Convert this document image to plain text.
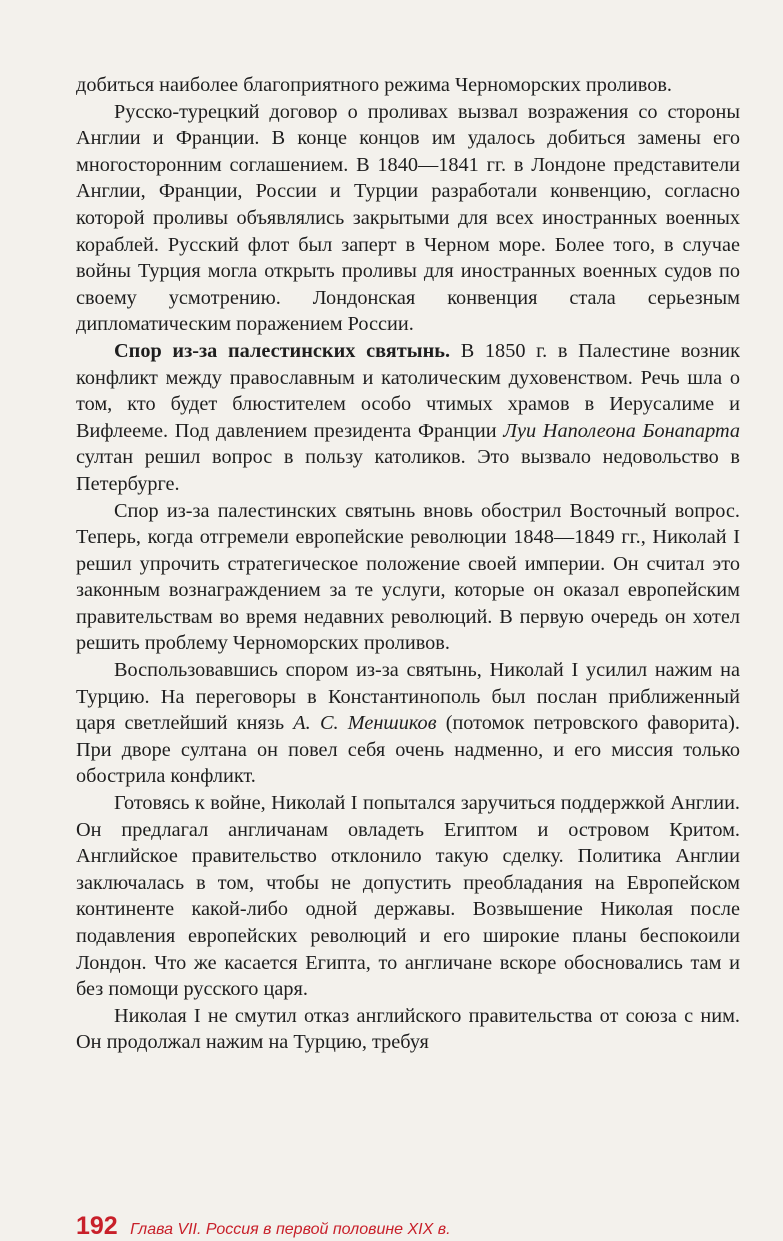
добиться наиболее благоприятного режима Черноморских проливов.

Русско-турецкий договор о проливах вызвал возражения со стороны Англии и Франции. В конце концов им удалось добиться замены его многосторонним соглашением. В 1840—1841 гг. в Лондоне представители Англии, Франции, России и Турции разработали конвенцию, согласно которой проливы объявлялись закрытыми для всех иностранных военных кораблей. Русский флот был заперт в Черном море. Более того, в случае войны Турция могла открыть проливы для иностранных военных судов по своему усмотрению. Лондонская конвенция стала серьезным дипломатическим поражением России.

Спор из-за палестинских святынь. В 1850 г. в Палестине возник конфликт между православным и католическим духовенством. Речь шла о том, кто будет блюстителем особо чтимых храмов в Иерусалиме и Вифлееме. Под давлением президента Франции Луи Наполеона Бонапарта султан решил вопрос в пользу католиков. Это вызвало недовольство в Петербурге.

Спор из-за палестинских святынь вновь обострил Восточный вопрос. Теперь, когда отгремели европейские революции 1848—1849 гг., Николай I решил упрочить стратегическое положение своей империи. Он считал это законным вознаграждением за те услуги, которые он оказал европейским правительствам во время недавних революций. В первую очередь он хотел решить проблему Черноморских проливов.

Воспользовавшись спором из-за святынь, Николай I усилил нажим на Турцию. На переговоры в Константинополь был послан приближенный царя светлейший князь А. С. Меншиков (потомок петровского фаворита). При дворе султана он повел себя очень надменно, и его миссия только обострила конфликт.

Готовясь к войне, Николай I попытался заручиться поддержкой Англии. Он предлагал англичанам овладеть Египтом и островом Критом. Английское правительство отклонило такую сделку. Политика Англии заключалась в том, чтобы не допустить преобладания на Европейском континенте какой-либо одной державы. Возвышение Николая после подавления европейских революций и его широкие планы беспокоили Лондон. Что же касается Египта, то англичане вскоре обосновались там и без помощи русского царя.

Николая I не смутил отказ английского правительства от союза с ним. Он продолжал нажим на Турцию, требуя

192 Глава VII. Россия в первой половине XIX в.
